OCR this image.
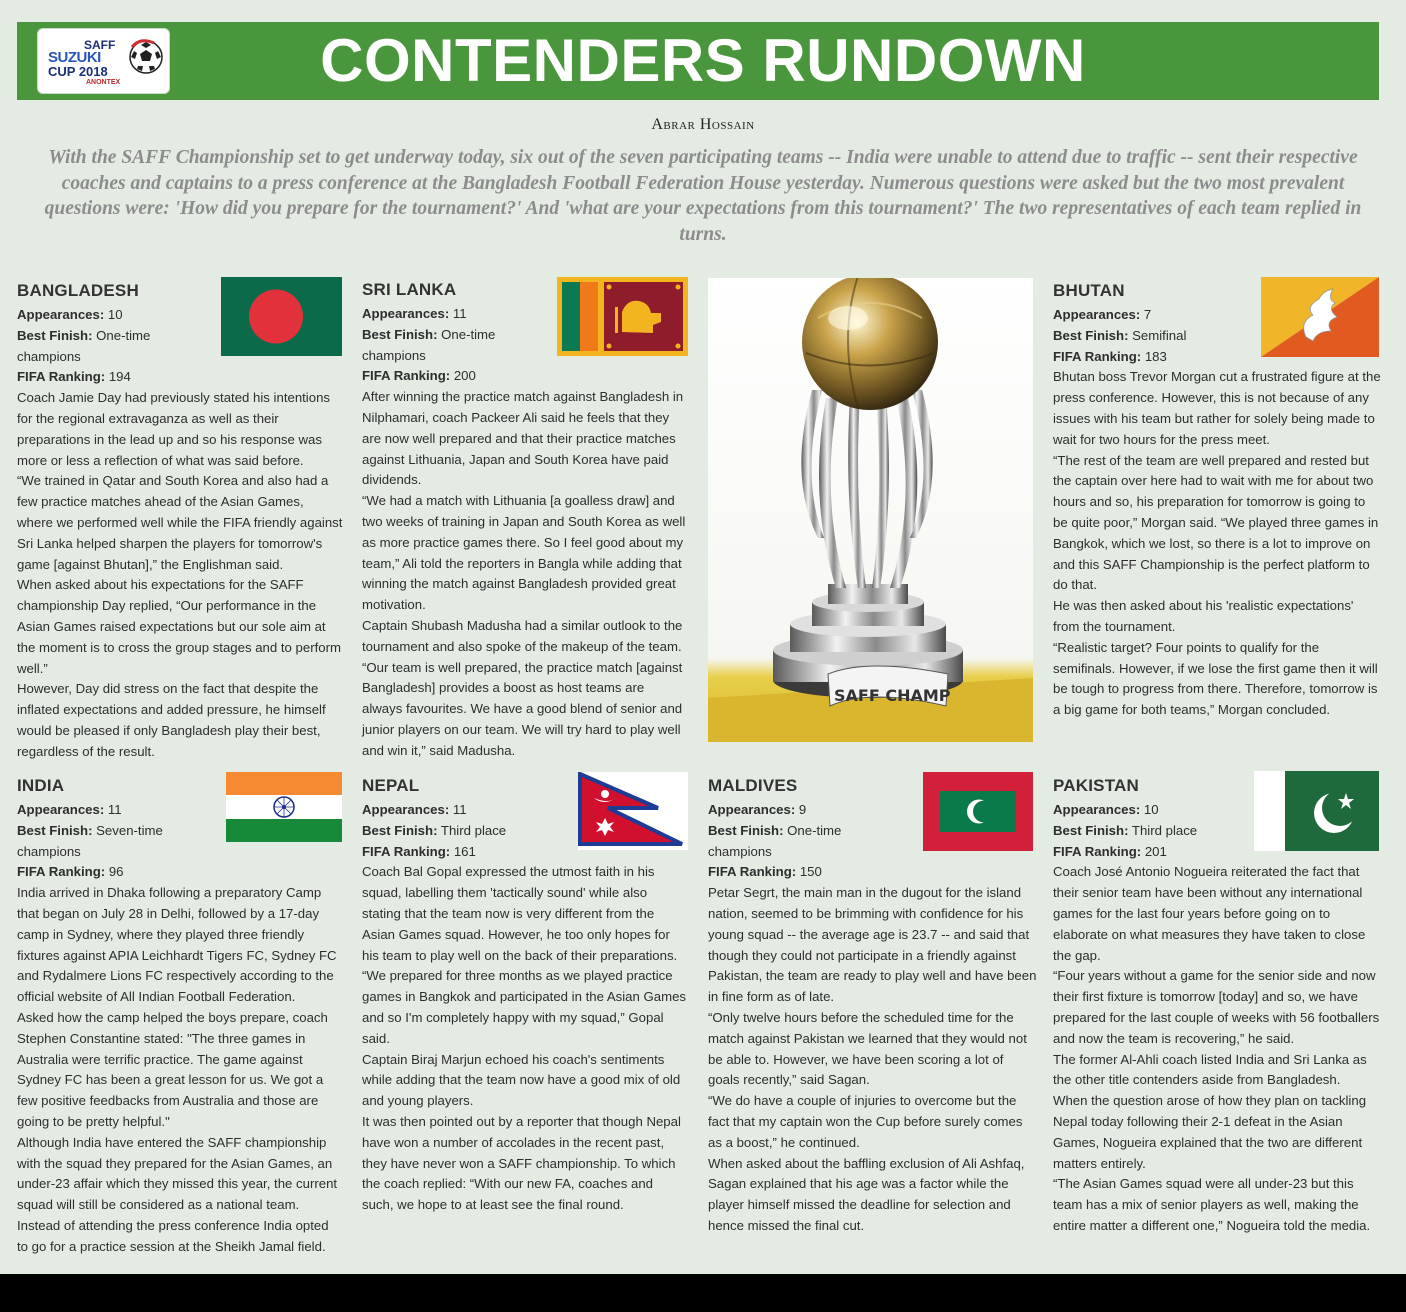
SAFF
SUZUKI
CUP 2018
ANONTEX	CONTENDERS RUNDOWN
Abrar Hossain
With the SAFF Championship set to get underway today, six out of the seven participating teams -- India were unable to attend due to traffic -- sent their respective coaches and captains to a press conference at the Bangladesh Football Federation House yesterday. Numerous questions were asked but the two most prevalent questions were: 'How did you prepare for the tournament?' And 'what are your expectations from this tournament?' The two representatives of each team replied in turns.
BANGLADESH
Appearances: 10
Best Finish: One-time champions
FIFA Ranking: 194
Coach Jamie Day had previously stated his intentions for the regional extravaganza as well as their preparations in the lead up and so his response was more or less a reflection of what was said before.
“We trained in Qatar and South Korea and also had a few practice matches ahead of the Asian Games, where we performed well while the FIFA friendly against Sri Lanka helped sharpen the players for tomorrow's game [against Bhutan],” the Englishman said.
When asked about his expectations for the SAFF championship Day replied, “Our performance in the Asian Games raised expectations but our sole aim at the moment is to cross the group stages and to perform well.”
However, Day did stress on the fact that despite the inflated expectations and added pressure, he himself would be pleased if only Bangladesh play their best, regardless of the result.
SRI LANKA
Appearances: 11
Best Finish: One-time champions
FIFA Ranking: 200
After winning the practice match against Bangladesh in Nilphamari, coach Packeer Ali said he feels that they are now well prepared and that their practice matches against Lithuania, Japan and South Korea have paid dividends.
“We had a match with Lithuania [a goalless draw] and two weeks of training in Japan and South Korea as well as more practice games there. So I feel good about my team,” Ali told the reporters in Bangla while adding that winning the match against Bangladesh provided great motivation.
Captain Shubash Madusha had a similar outlook to the tournament and also spoke of the makeup of the team.
“Our team is well prepared, the practice match [against Bangladesh] provides a boost as host teams are always favourites. We have a good blend of senior and junior players on our team. We will try hard to play well and win it,” said Madusha.
SAFF CHAMP
BHUTAN
Appearances: 7
Best Finish: Semifinal
FIFA Ranking: 183
Bhutan boss Trevor Morgan cut a frustrated figure at the press conference. However, this is not because of any issues with his team but rather for solely being made to wait for two hours for the press meet.
“The rest of the team are well prepared and rested but the captain over here had to wait with me for about two hours and so, his preparation for tomorrow is going to be quite poor,” Morgan said. “We played three games in Bangkok, which we lost, so there is a lot to improve on and this SAFF Championship is the perfect platform to do that.
He was then asked about his 'realistic expectations' from the tournament.
“Realistic target? Four points to qualify for the semifinals. However, if we lose the first game then it will be tough to progress from there. Therefore, tomorrow is a big game for both teams,” Morgan concluded.
INDIA
Appearances: 11
Best Finish: Seven-time champions
FIFA Ranking: 96
India arrived in Dhaka following a preparatory Camp that began on July 28 in Delhi, followed by a 17-day camp in Sydney, where they played three friendly fixtures against APIA Leichhardt Tigers FC, Sydney FC and Rydalmere Lions FC respectively according to the official website of All Indian Football Federation.
Asked how the camp helped the boys prepare, coach Stephen Constantine stated: "The three games in Australia were terrific practice. The game against Sydney FC has been a great lesson for us. We got a few positive feedbacks from Australia and those are going to be pretty helpful."
Although India have entered the SAFF championship with the squad they prepared for the Asian Games, an under-23 affair which they missed this year, the current squad will still be considered as a national team.
Instead of attending the press conference India opted to go for a practice session at the Sheikh Jamal field.
NEPAL
Appearances: 11
Best Finish: Third place
FIFA Ranking: 161
Coach Bal Gopal expressed the utmost faith in his squad, labelling them 'tactically sound' while also stating that the team now is very different from the Asian Games squad. However, he too only hopes for his team to play well on the back of their preparations.
“We prepared for three months as we played practice games in Bangkok and participated in the Asian Games and so I'm completely happy with my squad,” Gopal said.
Captain Biraj Marjun echoed his coach's sentiments while adding that the team now have a good mix of old and young players.
It was then pointed out by a reporter that though Nepal have won a number of accolades in the recent past, they have never won a SAFF championship. To which the coach replied: “With our new FA, coaches and such, we hope to at least see the final round.
MALDIVES
Appearances: 9
Best Finish: One-time champions
FIFA Ranking: 150
Petar Segrt, the main man in the dugout for the island nation, seemed to be brimming with confidence for his young squad -- the average age is 23.7 -- and said that though they could not participate in a friendly against Pakistan, the team are ready to play well and have been in fine form as of late.
“Only twelve hours before the scheduled time for the match against Pakistan we learned that they would not be able to. However, we have been scoring a lot of goals recently,” said Sagan.
“We do have a couple of injuries to overcome but the fact that my captain won the Cup before surely comes as a boost,” he continued.
When asked about the baffling exclusion of Ali Ashfaq, Sagan explained that his age was a factor while the player himself missed the deadline for selection and hence missed the final cut.
PAKISTAN
Appearances: 10
Best Finish: Third place
FIFA Ranking: 201
Coach José Antonio Nogueira reiterated the fact that their senior team have been without any international games for the last four years before going on to elaborate on what measures they have taken to close the gap.
“Four years without a game for the senior side and now their first fixture is tomorrow [today] and so, we have prepared for the last couple of weeks with 56 footballers and now the team is recovering,” he said.
The former Al-Ahli coach listed India and Sri Lanka as the other title contenders aside from Bangladesh.
When the question arose of how they plan on tackling Nepal today following their 2-1 defeat in the Asian Games, Nogueira explained that the two are different matters entirely.
“The Asian Games squad were all under-23 but this team has a mix of senior players as well, making the entire matter a different one,” Nogueira told the media.
